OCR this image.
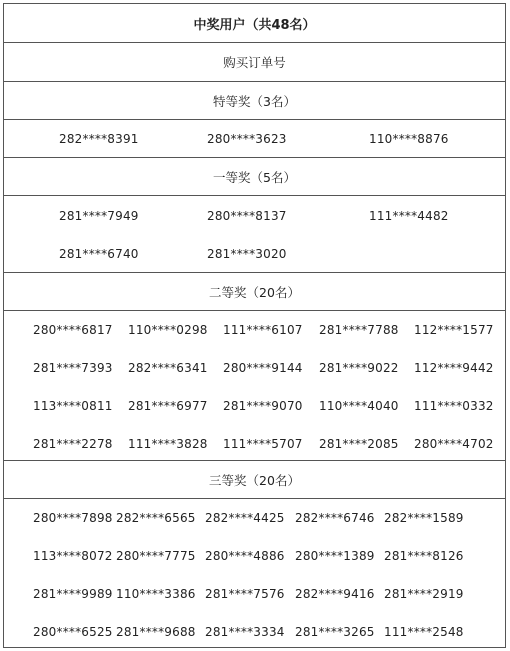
中奖用户（共48名）
购买订单号
特等奖（3名）
282****8391	280****3623	110****8876
一等奖（5名）
281****7949	280****8137	111****4482
281****6740	281****3020
二等奖（20名）
280****6817 110****0298 111****6107 281****7788 112****1577
281****7393 282****6341 280****9144 281****9022 112****9442
113****0811 281****6977 281****9070 110****4040 111****0332
281****2278 111****3828 111****5707 281****2085 280****4702
三等奖（20名）
280****7898 282****6565 282****4425 282****6746 282****1589
113****8072 280****7775 280****4886 280****1389 281****8126
281****9989 110****3386 281****7576 282****9416 281****2919
280****6525 281****9688 281****3334 281****3265 111****2548
